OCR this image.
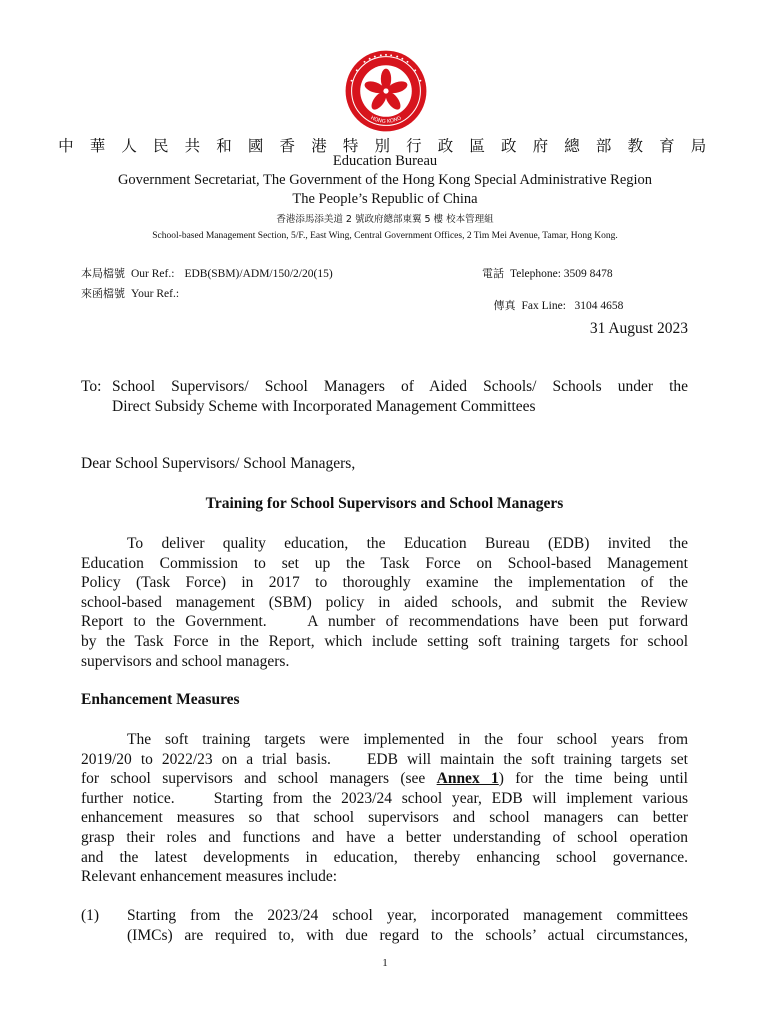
HONG KONG
中 華 人 民 共 和 國 香 港 特 別 行 政 區 政 府 總 部 教 育 局
Education Bureau
Government Secretariat, The Government of the Hong Kong Special Administrative Region
The People’s Republic of China
香港添馬添美道 2 號政府總部東翼 5 樓 校本管理組
School-based Management Section, 5/F., East Wing, Central Government Offices, 2 Tim Mei Avenue, Tamar, Hong Kong.
本局檔號 Our Ref.: EDB(SBM)/ADM/150/2/20(15)
來函檔號 Your Ref.:
電話 Telephone: 3509 8478

傳真 Fax Line:   3104 4658

31 August 2023
To: School Supervisors/ School Managers of Aided Schools/ Schools under the
Direct Subsidy Scheme with Incorporated Management Committees
Dear School Supervisors/ School Managers,
Training for School Supervisors and School Managers
To deliver quality education, the Education Bureau (EDB) invited the
Education Commission to set up the Task Force on School-based Management
Policy (Task Force) in 2017 to thoroughly examine the implementation of the
school-based management (SBM) policy in aided schools, and submit the Review
Report to the Government.    A number of recommendations have been put forward
by the Task Force in the Report, which include setting soft training targets for school
supervisors and school managers.
Enhancement Measures
The soft training targets were implemented in the four school years from
2019/20 to 2022/23 on a trial basis.    EDB will maintain the soft training targets set
for school supervisors and school managers (see Annex 1) for the time being until
further notice.    Starting from the 2023/24 school year, EDB will implement various
enhancement measures so that school supervisors and school managers can better
grasp their roles and functions and have a better understanding of school operation
and the latest developments in education, thereby enhancing school governance.
Relevant enhancement measures include:
(1)	Starting from the 2023/24 school year, incorporated management committees
(IMCs) are required to, with due regard to the schools’ actual circumstances,
1
